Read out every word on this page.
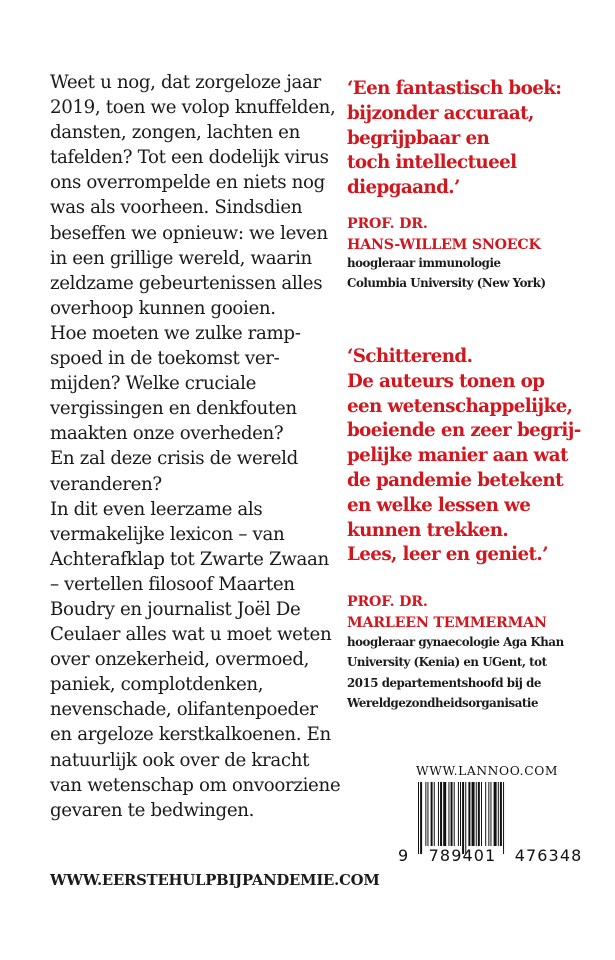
Weet u nog, dat zorgeloze jaar
2019, toen we volop knuffelden,
dansten, zongen, lachten en
tafelden? Tot een dodelijk virus
ons overrompelde en niets nog
was als voorheen. Sindsdien
beseffen we opnieuw: we leven
in een grillige wereld, waarin
zeldzame gebeurtenissen alles
overhoop kunnen gooien.
Hoe moeten we zulke ramp-
spoed in de toekomst ver-
mijden? Welke cruciale
vergissingen en denkfouten
maakten onze overheden?
En zal deze crisis de wereld
veranderen?
In dit even leerzame als
vermakelijke lexicon – van
Achterafklap tot Zwarte Zwaan
– vertellen filosoof Maarten
Boudry en journalist Joël De
Ceulaer alles wat u moet weten
over onzekerheid, overmoed,
paniek, complotdenken,
nevenschade, olifantenpoeder
en argeloze kerstkalkoenen. En
natuurlijk ook over de kracht
van wetenschap om onvoorziene
gevaren te bedwingen.
WWW.EERSTEHULPBIJPANDEMIE.COM
‘Een fantastisch boek:
bijzonder accuraat,
begrijpbaar en
toch intellectueel
diepgaand.’
PROF. DR.
HANS-WILLEM SNOECK
hoogleraar immunologie
Columbia University (New York)
‘Schitterend.
De auteurs tonen op
een wetenschappelijke,
boeiende en zeer begrij-
pelijke manier aan wat
de pandemie betekent
en welke lessen we
kunnen trekken.
Lees, leer en geniet.’
PROF. DR.
MARLEEN TEMMERMAN
hoogleraar gynaecologie Aga Khan
University (Kenia) en UGent, tot
2015 departementshoofd bij de
Wereldgezondheidsorganisatie
WWW.LANNOO.COM
9 789401 476348
